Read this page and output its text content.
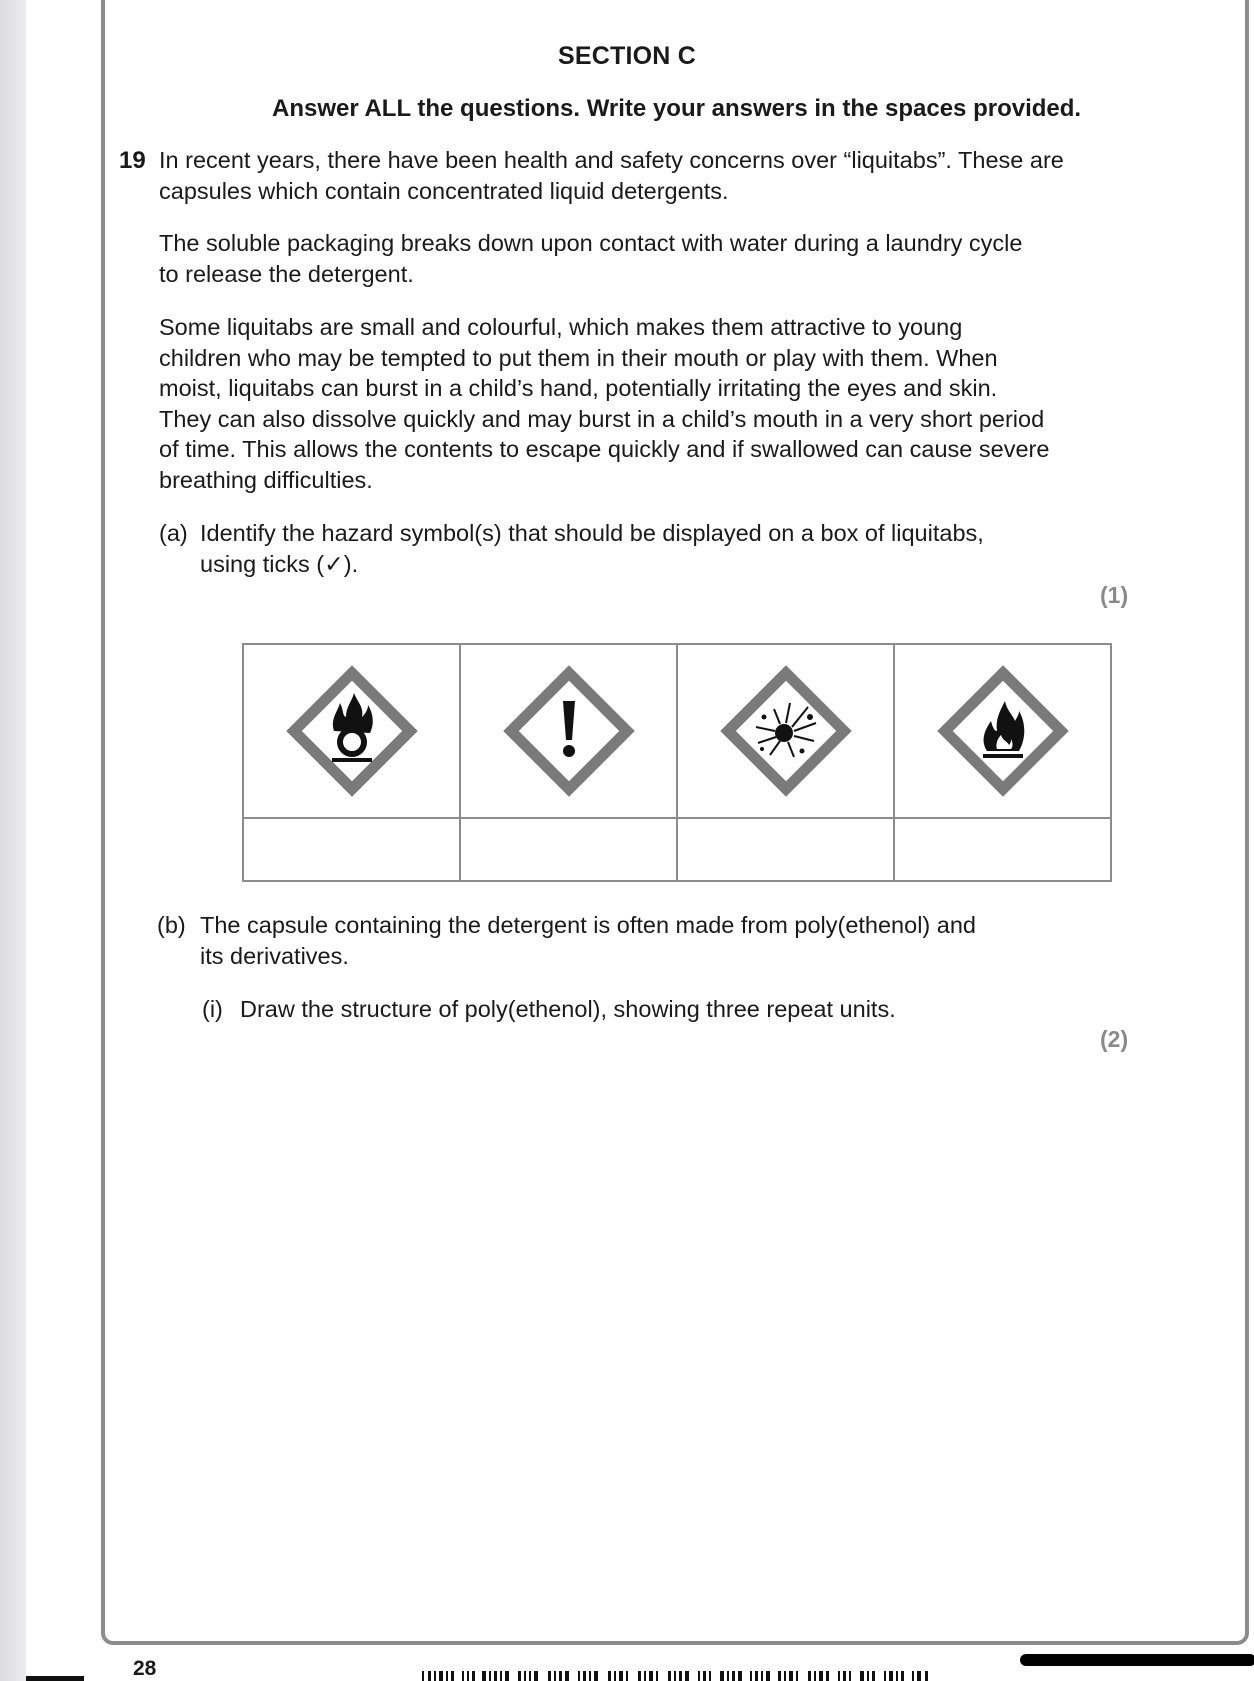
SECTION C
Answer ALL the questions. Write your answers in the spaces provided.
19 In recent years, there have been health and safety concerns over “liquitabs”. These are
capsules which contain concentrated liquid detergents.
The soluble packaging breaks down upon contact with water during a laundry cycle
to release the detergent.
Some liquitabs are small and colourful, which makes them attractive to young
children who may be tempted to put them in their mouth or play with them. When
moist, liquitabs can burst in a child’s hand, potentially irritating the eyes and skin.
They can also dissolve quickly and may burst in a child’s mouth in a very short period
of time. This allows the contents to escape quickly and if swallowed can cause severe
breathing difficulties.
(a) Identify the hazard symbol(s) that should be displayed on a box of liquitabs,
using ticks (✓).
(1)

(b) The capsule containing the detergent is often made from poly(ethenol) and
its derivatives.
(i) Draw the structure of poly(ethenol), showing three repeat units.
(2)
28
